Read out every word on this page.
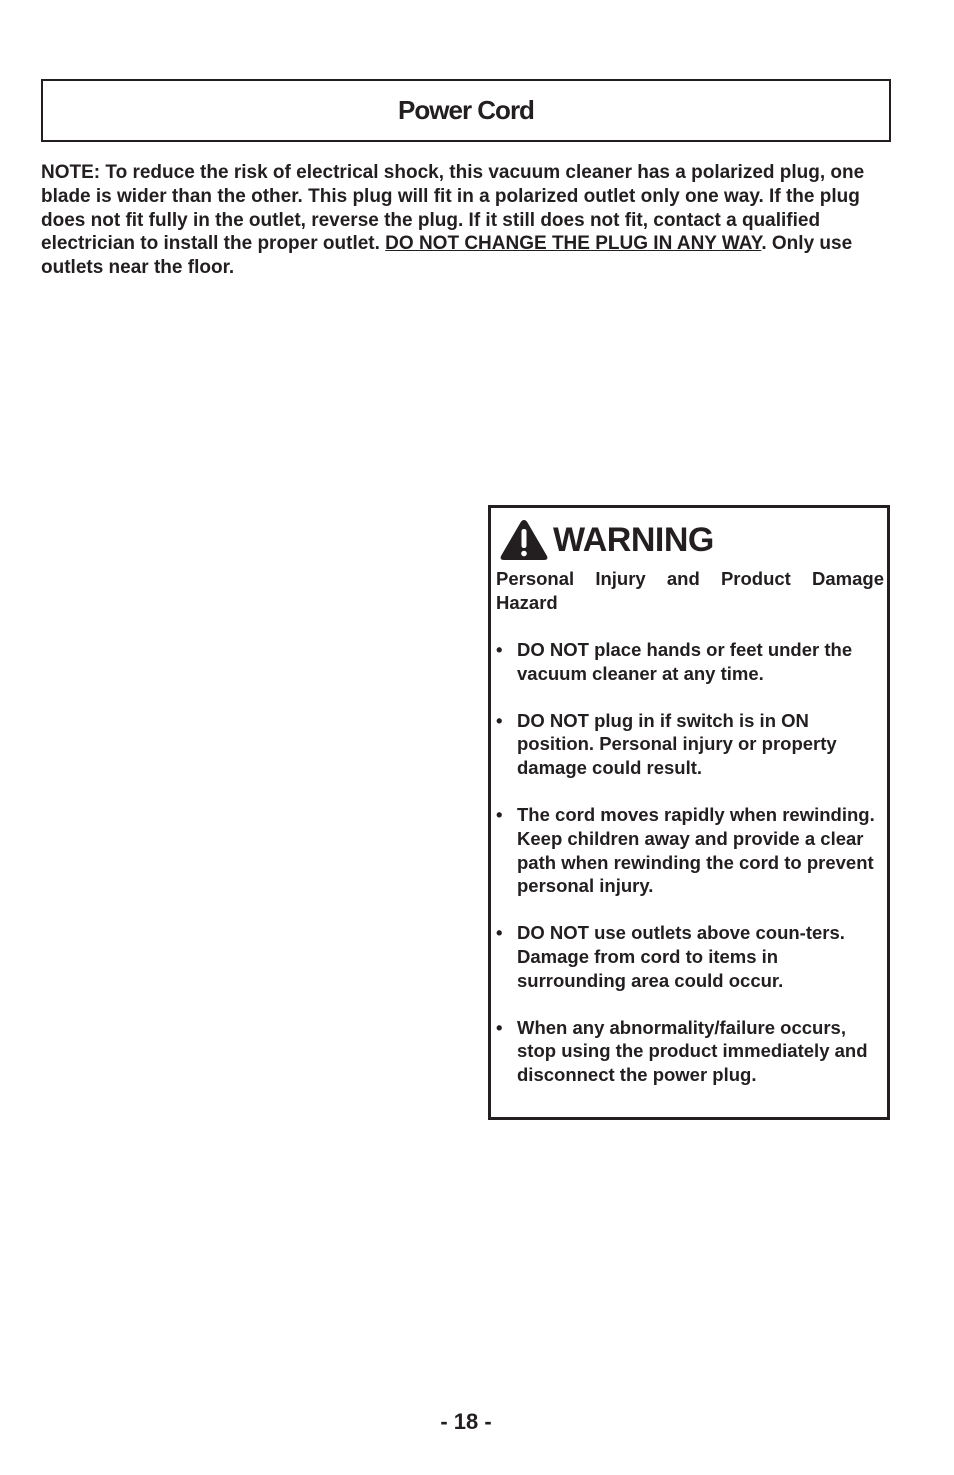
Power Cord

NOTE: To reduce the risk of electrical shock, this vacuum cleaner has a polarized plug, one blade is wider than the other. This plug will fit in a polarized outlet only one way. If the plug does not fit fully in the outlet, reverse the plug. If it still does not fit, contact a qualified electrician to install the proper outlet. DO NOT CHANGE THE PLUG IN ANY WAY. Only use outlets near the floor.

WARNING
Personal Injury and Product Damage Hazard
• DO NOT place hands or feet under the vacuum cleaner at any time.
• DO NOT plug in if switch is in ON position. Personal injury or property damage could result.
• The cord moves rapidly when rewinding. Keep children away and provide a clear path when rewinding the cord to prevent personal injury.
• DO NOT use outlets above coun-ters. Damage from cord to items in surrounding area could occur.
• When any abnormality/failure occurs, stop using the product immediately and disconnect the power plug.
- 18 -
